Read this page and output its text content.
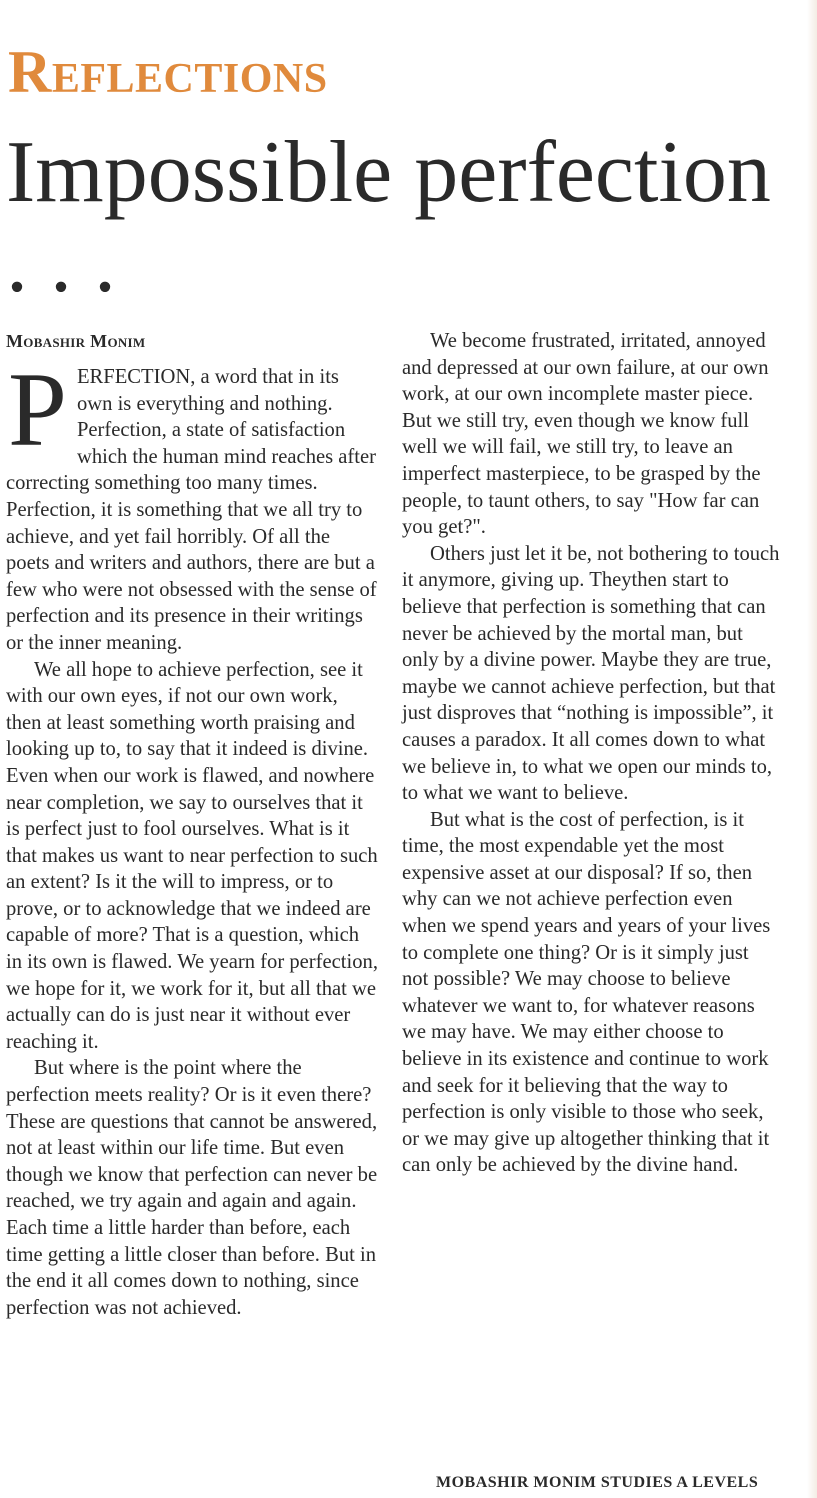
Reflections
Impossible perfection . . .
Mobashir Monim

PERFECTION, a word that in its own is everything and nothing. Perfection, a state of satisfaction which the human mind reaches after correcting something too many times. Perfection, it is something that we all try to achieve, and yet fail horribly. Of all the poets and writers and authors, there are but a few who were not obsessed with the sense of perfection and its presence in their writings or the inner meaning.

We all hope to achieve perfection, see it with our own eyes, if not our own work, then at least something worth praising and looking up to, to say that it indeed is divine. Even when our work is flawed, and nowhere near completion, we say to ourselves that it is perfect just to fool ourselves. What is it that makes us want to near perfection to such an extent? Is it the will to impress, or to prove, or to acknowledge that we indeed are capable of more? That is a question, which in its own is flawed. We yearn for perfection, we hope for it, we work for it, but all that we actually can do is just near it without ever reaching it.

But where is the point where the perfection meets reality? Or is it even there? These are questions that cannot be answered, not at least within our life time. But even though we know that perfection can never be reached, we try again and again and again. Each time a little harder than before, each time getting a little closer than before. But in the end it all comes down to nothing, since perfection was not achieved.

We become frustrated, irritated, annoyed and depressed at our own failure, at our own work, at our own incomplete master piece. But we still try, even though we know full well we will fail, we still try, to leave an imperfect masterpiece, to be grasped by the people, to taunt others, to say "How far can you get?".

Others just let it be, not bothering to touch it anymore, giving up. Theythen start to believe that perfection is something that can never be achieved by the mortal man, but only by a divine power. Maybe they are true, maybe we cannot achieve perfection, but that just disproves that “nothing is impossible”, it causes a paradox. It all comes down to what we believe in, to what we open our minds to, to what we want to believe.

But what is the cost of perfection, is it time, the most expendable yet the most expensive asset at our disposal? If so, then why can we not achieve perfection even when we spend years and years of your lives to complete one thing? Or is it simply just not possible? We may choose to believe whatever we want to, for whatever reasons we may have. We may either choose to believe in its existence and continue to work and seek for it believing that the way to perfection is only visible to those who seek, or we may give up altogether thinking that it can only be achieved by the divine hand.

MOBASHIR MONIM STUDIES A LEVELS
